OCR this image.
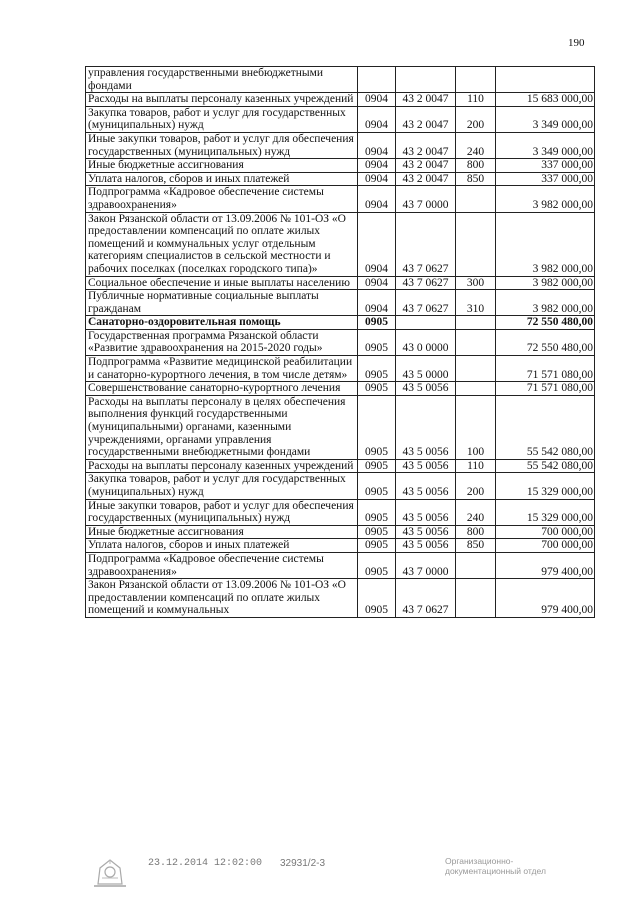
190
управления государственными внебюджетными фондами				
Расходы на выплаты персоналу казенных учреждений	0904	43 2 0047	110	15 683 000,00
Закупка товаров, работ и услуг для государственных (муниципальных) нужд	0904	43 2 0047	200	3 349 000,00
Иные закупки товаров, работ и услуг для обеспечения государственных (муниципальных) нужд	0904	43 2 0047	240	3 349 000,00
Иные бюджетные ассигнования	0904	43 2 0047	800	337 000,00
Уплата налогов, сборов и иных платежей	0904	43 2 0047	850	337 000,00
Подпрограмма «Кадровое обеспечение системы здравоохранения»	0904	43 7 0000		3 982 000,00
Закон Рязанской области от 13.09.2006 № 101-ОЗ «О предоставлении компенсаций по оплате жилых помещений и коммунальных услуг отдельным категориям специалистов в сельской местности и рабочих поселках (поселках городского типа)»	0904	43 7 0627		3 982 000,00
Социальное обеспечение и иные выплаты населению	0904	43 7 0627	300	3 982 000,00
Публичные нормативные социальные выплаты гражданам	0904	43 7 0627	310	3 982 000,00
Санаторно-оздоровительная помощь	0905			72 550 480,00
Государственная программа Рязанской области «Развитие здравоохранения на 2015-2020 годы»	0905	43 0 0000		72 550 480,00
Подпрограмма «Развитие медицинской реабилитации и санаторно-курортного лечения, в том числе детям»	0905	43 5 0000		71 571 080,00
Совершенствование санаторно-курортного лечения	0905	43 5 0056		71 571 080,00
Расходы на выплаты персоналу в целях обеспечения выполнения функций государственными (муниципальными) органами, казенными учреждениями, органами управления государственными внебюджетными фондами	0905	43 5 0056	100	55 542 080,00
Расходы на выплаты персоналу казенных учреждений	0905	43 5 0056	110	55 542 080,00
Закупка товаров, работ и услуг для государственных (муниципальных) нужд	0905	43 5 0056	200	15 329 000,00
Иные закупки товаров, работ и услуг для обеспечения государственных (муниципальных) нужд	0905	43 5 0056	240	15 329 000,00
Иные бюджетные ассигнования	0905	43 5 0056	800	700 000,00
Уплата налогов, сборов и иных платежей	0905	43 5 0056	850	700 000,00
Подпрограмма «Кадровое обеспечение системы здравоохранения»	0905	43 7 0000		979 400,00
Закон Рязанской области от 13.09.2006 № 101-ОЗ «О предоставлении компенсаций по оплате жилых помещений и коммунальных	0905	43 7 0627		979 400,00
23.12.2014 12:02:00 32931/2-3	Организационно-
документационный отдел
